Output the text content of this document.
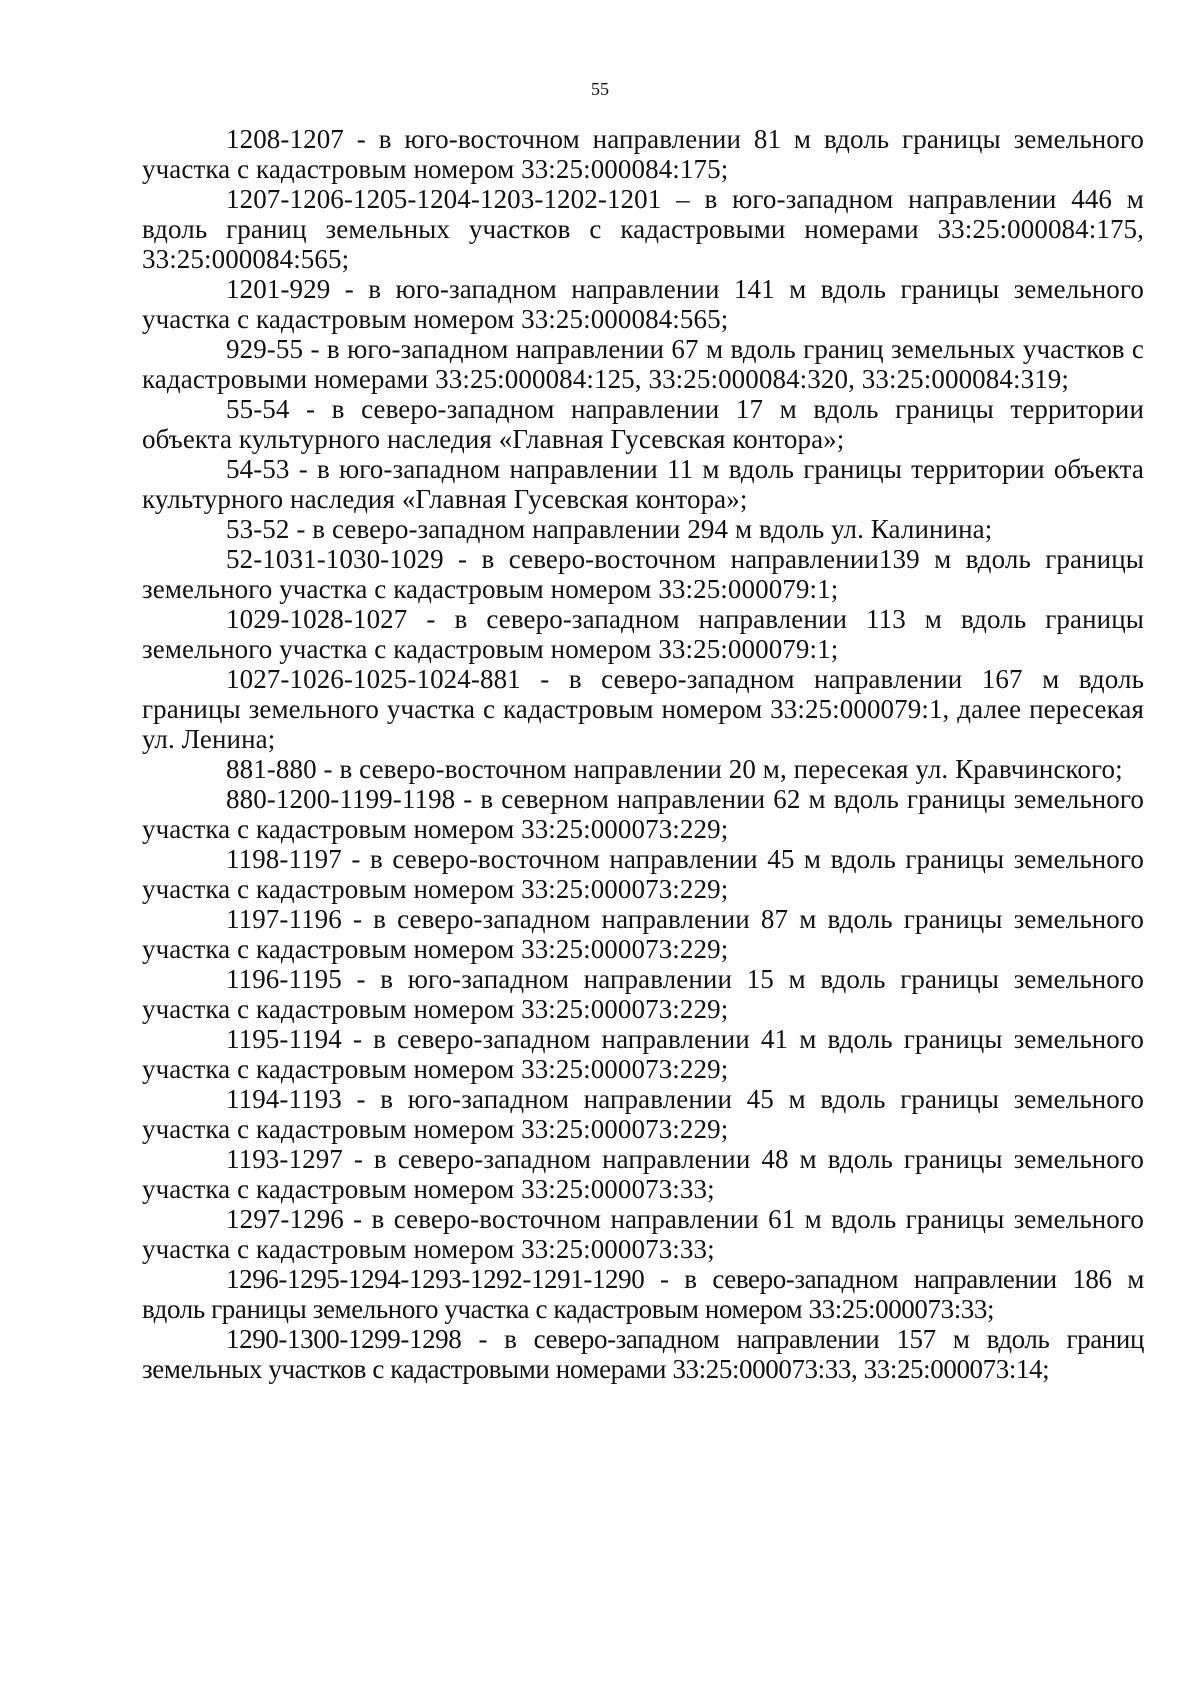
55

1208-1207 - в юго-восточном направлении 81 м вдоль границы земельного участка с кадастровым номером 33:25:000084:175;

1207-1206-1205-1204-1203-1202-1201 – в юго-западном направлении 446 м вдоль границ земельных участков с кадастровыми номерами 33:25:000084:175, 33:25:000084:565;

1201-929 - в юго-западном направлении 141 м вдоль границы земельного участка с кадастровым номером 33:25:000084:565;

929-55 - в юго-западном направлении 67 м вдоль границ земельных участков с кадастровыми номерами 33:25:000084:125, 33:25:000084:320, 33:25:000084:319;

55-54 - в северо-западном направлении 17 м вдоль границы территории объекта культурного наследия «Главная Гусевская контора»;

54-53 - в юго-западном направлении 11 м вдоль границы территории объекта культурного наследия «Главная Гусевская контора»;

53-52 - в северо-западном направлении 294 м вдоль ул. Калинина;

52-1031-1030-1029 - в северо-восточном направлении139 м вдоль границы земельного участка с кадастровым номером 33:25:000079:1;

1029-1028-1027 - в северо-западном направлении 113 м вдоль границы земельного участка с кадастровым номером 33:25:000079:1;

1027-1026-1025-1024-881 - в северо-западном направлении 167 м вдоль границы земельного участка с кадастровым номером 33:25:000079:1, далее пересекая ул. Ленина;

881-880 - в северо-восточном направлении 20 м, пересекая ул. Кравчинского;

880-1200-1199-1198 - в северном направлении 62 м вдоль границы земельного участка с кадастровым номером 33:25:000073:229;

1198-1197 - в северо-восточном направлении 45 м вдоль границы земельного участка с кадастровым номером 33:25:000073:229;

1197-1196 - в северо-западном направлении 87 м вдоль границы земельного участка с кадастровым номером 33:25:000073:229;

1196-1195 - в юго-западном направлении 15 м вдоль границы земельного участка с кадастровым номером 33:25:000073:229;

1195-1194 - в северо-западном направлении 41 м вдоль границы земельного участка с кадастровым номером 33:25:000073:229;

1194-1193 - в юго-западном направлении 45 м вдоль границы земельного участка с кадастровым номером 33:25:000073:229;

1193-1297 - в северо-западном направлении 48 м вдоль границы земельного участка с кадастровым номером 33:25:000073:33;

1297-1296 - в северо-восточном направлении 61 м вдоль границы земельного участка с кадастровым номером 33:25:000073:33;

1296-1295-1294-1293-1292-1291-1290 - в северо-западном направлении 186 м вдоль границы земельного участка с кадастровым номером 33:25:000073:33;

1290-1300-1299-1298 - в северо-западном направлении 157 м вдоль границ земельных участков с кадастровыми номерами 33:25:000073:33, 33:25:000073:14;
